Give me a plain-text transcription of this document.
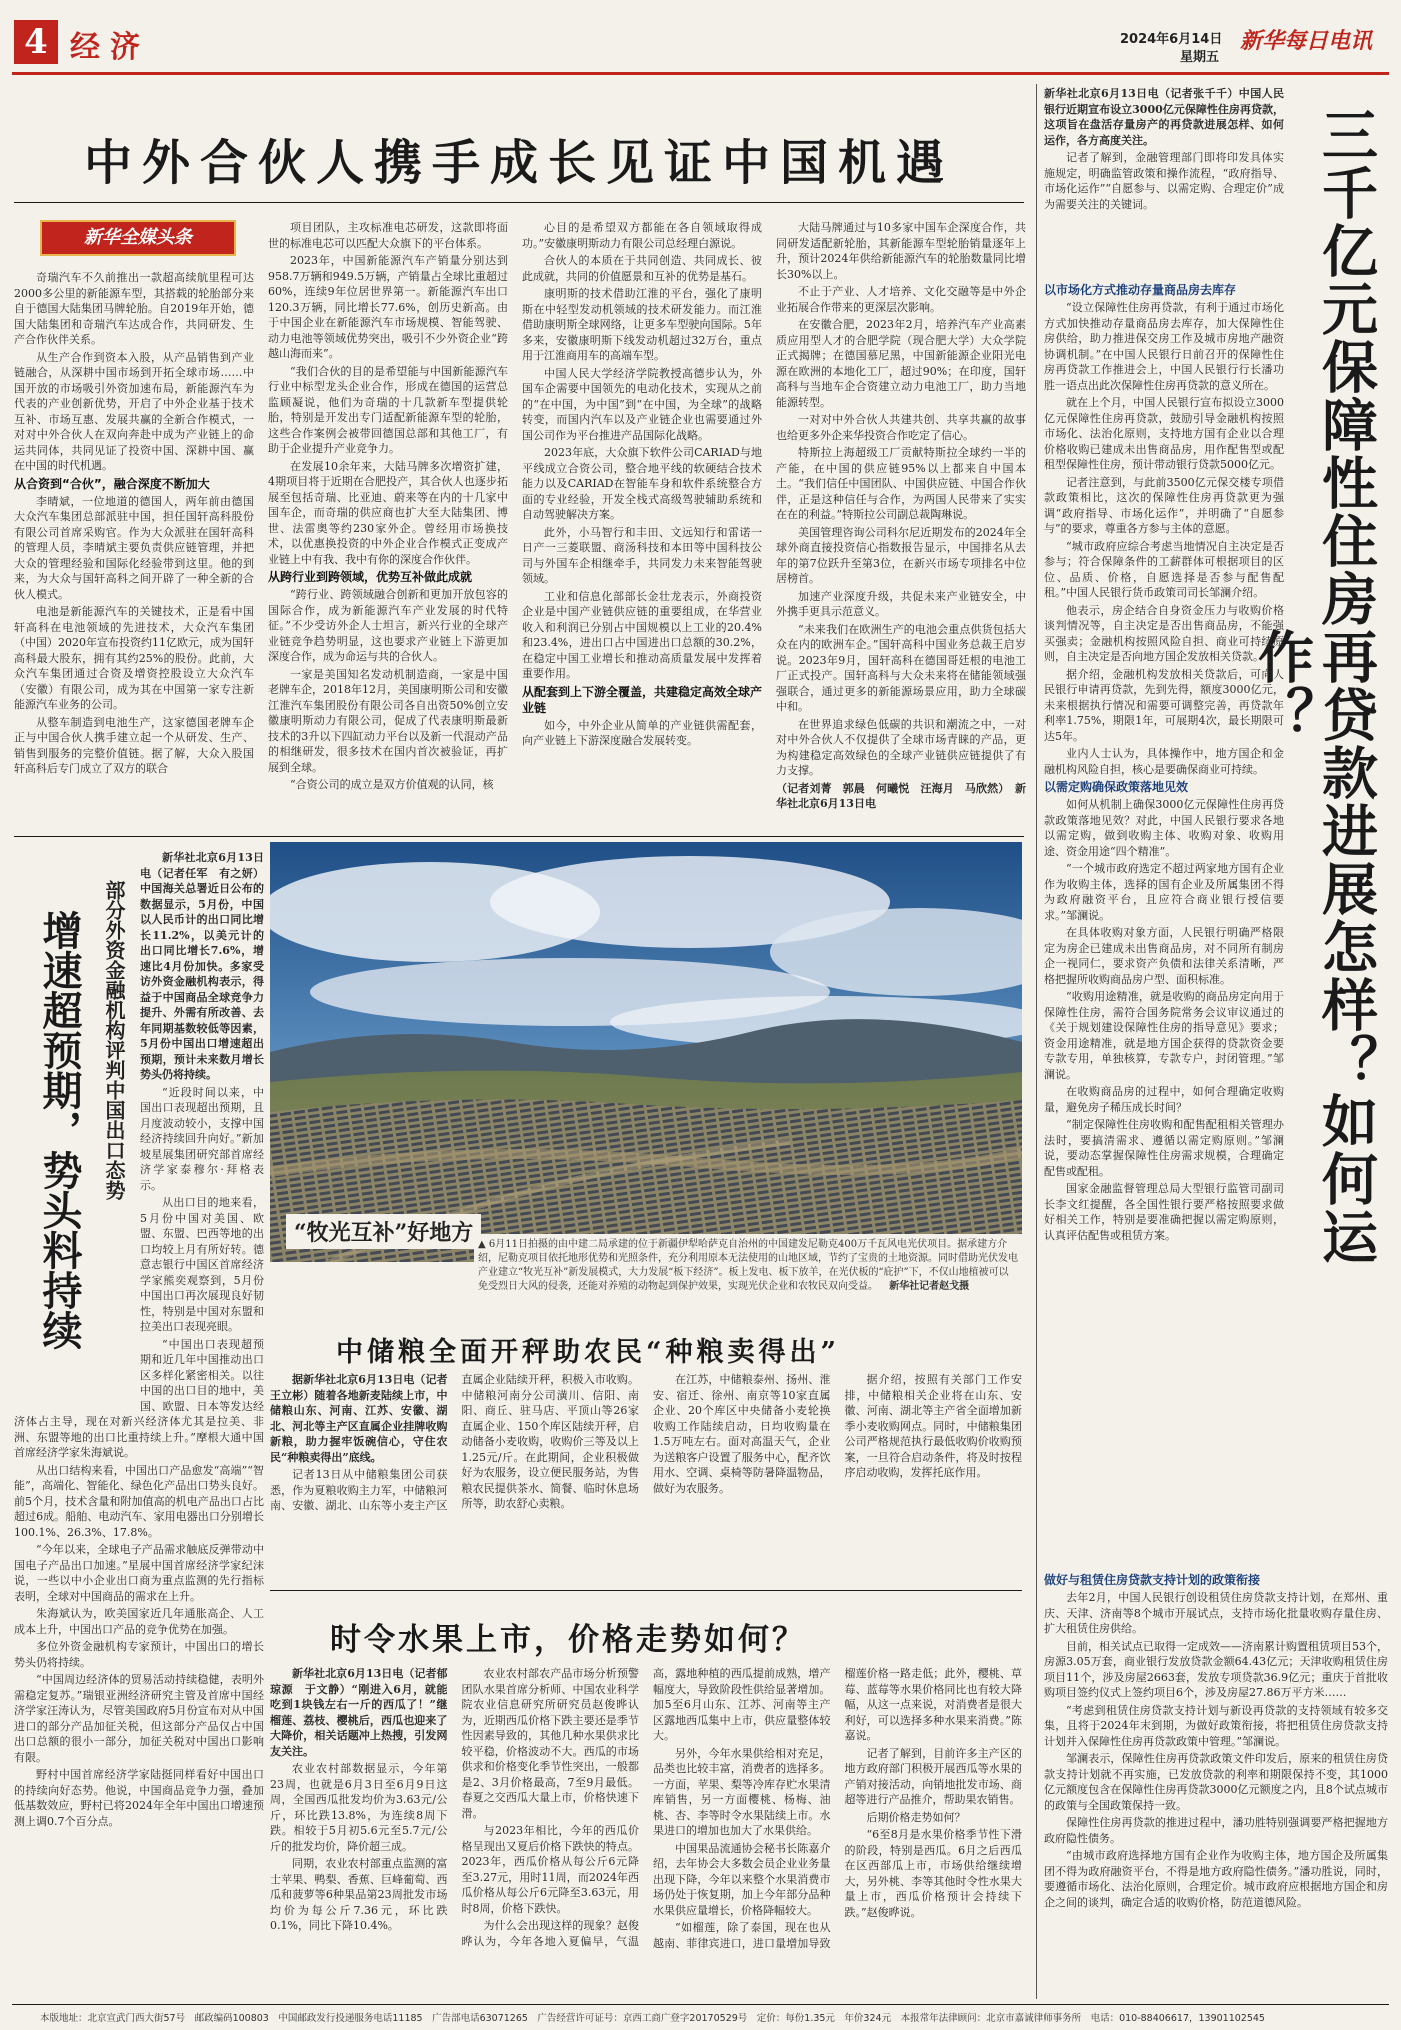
4 经济	2024年6月14日
星期五
新华每日电讯
中外合伙人携手成长见证中国机遇
新华全媒头条

奇瑞汽车不久前推出一款超高续航里程可达2000多公里的新能源车型，其搭载的轮胎部分来自于德国大陆集团马牌轮胎。自2019年开始，德国大陆集团和奇瑞汽车达成合作，共同研发、生产合作伙伴关系。

从生产合作到资本入股，从产品销售到产业链融合，从深耕中国市场到开拓全球市场……中国开放的市场吸引外资加速布局，新能源汽车为代表的产业创新优势，开启了中外企业基于技术互补、市场互惠、发展共赢的全新合作模式，一对对中外合伙人在双向奔赴中成为产业链上的命运共同体，共同见证了投资中国、深耕中国、赢在中国的时代机遇。

从合资到“合伙”，融合深度不断加大

李晴斌，一位地道的德国人，两年前由德国大众汽车集团总部派驻中国，担任国轩高科股份有限公司首席采购官。作为大众派驻在国轩高科的管理人员，李晴斌主要负责供应链管理，并把大众的管理经验和国际化经验带到这里。他的到来，为大众与国轩高科之间开辟了一种全新的合伙人模式。

电池是新能源汽车的关键技术，正是看中国轩高科在电池领域的先进技术，大众汽车集团（中国）2020年宣布投资约11亿欧元，成为国轩高科最大股东，拥有其约25%的股份。此前，大众汽车集团通过合资及增资控股设立大众汽车（安徽）有限公司，成为其在中国第一家专注新能源汽车业务的公司。

从整车制造到电池生产，这家德国老牌车企正与中国合伙人携手建立起一个从研发、生产、销售到服务的完整价值链。据了解，大众入股国轩高科后专门成立了双方的联合

项目团队，主攻标准电芯研发，这款即将面世的标准电芯可以匹配大众旗下的平台体系。

2023年，中国新能源汽车产销量分别达到958.7万辆和949.5万辆，产销量占全球比重超过60%，连续9年位居世界第一。新能源汽车出口120.3万辆，同比增长77.6%，创历史新高。由于中国企业在新能源汽车市场规模、智能驾驶、动力电池等领域优势突出，吸引不少外资企业“跨越山海而来”。

“我们合伙的目的是希望能与中国新能源汽车行业中标型龙头企业合作，形成在德国的运营总监顾凝说，他们为奇瑞的十几款新车型提供轮胎，特别是开发出专门适配新能源车型的轮胎，这些合作案例会被带回德国总部和其他工厂，有助于企业提升产业竞争力。

在发展10余年来，大陆马牌多次增资扩建，4期项目将于近期在合肥投产，其合伙人也逐步拓展至包括奇瑞、比亚迪、蔚来等在内的十几家中国车企，而奇瑞的供应商也扩大至大陆集团、博世、法雷奥等约230家外企。曾经用市场换技术，以优惠换投资的中外企业合作模式正变成产业链上中有我、我中有你的深度合作伙伴。

从跨行业到跨领域，优势互补做此成就

“跨行业、跨领域融合创新和更加开放包容的国际合作，成为新能源汽车产业发展的时代特征。”不少受访外企人士坦言，新兴行业的全球产业链竞争趋势明显，这也要求产业链上下游更加深度合作，成为命运与共的合伙人。

一家是美国知名发动机制造商，一家是中国老牌车企，2018年12月，美国康明斯公司和安徽江淮汽车集团股份有限公司各自出资50%创立安徽康明斯动力有限公司，促成了代表康明斯最新技术的3升以下四缸动力平台以及新一代混动产品的相继研发，很多技术在国内首次被验证，再扩展到全球。

“合资公司的成立是双方价值观的认同，核

心目的是希望双方都能在各自领域取得成功。”安徽康明斯动力有限公司总经理白源说。

合伙人的本质在于共同创造、共同成长、彼此成就，共同的价值愿景和互补的优势是基石。

康明斯的技术借助江淮的平台，强化了康明斯在中轻型发动机领域的技术研发能力。而江淮借助康明斯全球网络，让更多车型驶向国际。5年多来，安徽康明斯下线发动机超过32万台，重点用于江淮商用车的高端车型。

中国人民大学经济学院教授高德步认为，外国车企需要中国领先的电动化技术，实现从之前的“在中国，为中国”到“在中国，为全球”的战略转变，而国内汽车以及产业链企业也需要通过外国公司作为平台推进产品国际化战略。

2023年底，大众旗下软件公司CARIAD与地平线成立合资公司，整合地平线的软硬结合技术能力以及CARIAD在智能车身和软件系统整合方面的专业经验，开发全栈式高级驾驶辅助系统和自动驾驶解决方案。

此外，小马智行和丰田、文远知行和雷诺一日产一三菱联盟、商汤科技和本田等中国科技公司与外国车企相继牵手，共同发力未来智能驾驶领域。

工业和信息化部部长金壮龙表示，外商投资企业是中国产业链供应链的重要组成，在华营业收入和利润已分别占中国规模以上工业的20.4%和23.4%，进出口占中国进出口总额的30.2%，在稳定中国工业增长和推动高质量发展中发挥着重要作用。

从配套到上下游全覆盖，共建稳定高效全球产业链

如今，中外企业从简单的产业链供需配套，向产业链上下游深度融合发展转变。

大陆马牌通过与10多家中国车企深度合作，共同研发适配新轮胎，其新能源车型轮胎销量逐年上升，预计2024年供给新能源汽车的轮胎数量同比增长30%以上。

不止于产业、人才培养、文化交融等是中外企业拓展合作带来的更深层次影响。

在安徽合肥，2023年2月，培养汽车产业高素质应用型人才的合肥学院（现合肥大学）大众学院正式揭牌；在德国慕尼黑，中国新能源企业阳光电源在欧洲的本地化工厂，超过90%；在印度，国轩高科与当地车企合资建立动力电池工厂，助力当地能源转型。

一对对中外合伙人共建共创、共享共赢的故事也给更多外企来华投资合作吃定了信心。

特斯拉上海超级工厂贡献特斯拉全球约一半的产能，在中国的供应链95%以上都来自中国本土。“我们信任中国团队、中国供应链、中国合作伙伴，正是这种信任与合作，为两国人民带来了实实在在的利益。”特斯拉公司副总裁陶琳说。

美国管理咨询公司科尔尼近期发布的2024年全球外商直接投资信心指数报告显示，中国排名从去年的第7位跃升至第3位，在新兴市场专项排名中位居榜首。

加速产业深度升级，共促未来产业链安全，中外携手更具示范意义。

“未来我们在欧洲生产的电池会重点供货包括大众在内的欧洲车企。”国轩高科中国业务总裁王启岁说。2023年9月，国轩高科在德国哥廷根的电池工厂正式投产。国轩高科与大众未来将在储能领域强强联合，通过更多的新能源场景应用，助力全球碳中和。

在世界追求绿色低碳的共识和潮流之中，一对对中外合伙人不仅提供了全球市场青睐的产品，更为构建稳定高效绿色的全球产业链供应链提供了有力支撑。

（记者刘菁　郭晨　何曦悦　汪海月　马欣然）　新华社北京6月13日电

新华社北京6月13日电（记者张千千）中国人民银行近期宣布设立3000亿元保障性住房再贷款，这项旨在盘活存量房产的再贷款进展怎样、如何运作，各方高度关注。

记者了解到，金融管理部门即将印发具体实施规定，明确监管政策和操作流程，“政府指导、市场化运作”“自愿参与、以需定购、合理定价”成为需要关注的关键词。	三千亿元保障性住房再贷款进展怎样？如何运作？

以市场化方式推动存量商品房去库存

“设立保障性住房再贷款，有利于通过市场化方式加快推动存量商品房去库存，加大保障性住房供给，助力推进保交房工作及城市房地产融资协调机制。”在中国人民银行日前召开的保障性住房再贷款工作推进会上，中国人民银行行长潘功胜一语点出此次保障性住房再贷款的意义所在。

就在上个月，中国人民银行宣布拟设立3000亿元保障性住房再贷款，鼓励引导金融机构按照市场化、法治化原则，支持地方国有企业以合理价格收购已建成未出售商品房，用作配售型或配租型保障性住房，预计带动银行贷款5000亿元。

记者注意到，与此前3500亿元保交楼专项借款政策相比，这次的保障性住房再贷款更为强调“政府指导、市场化运作”，并明确了“自愿参与”的要求，尊重各方参与主体的意愿。

“城市政府应综合考虑当地情况自主决定是否参与；符合保障条件的工薪群体可根据项目的区位、品质、价格，自愿选择是否参与配售配租。”中国人民银行货币政策司司长邹澜介绍。

他表示，房企结合自身资金压力与收购价格谈判情况等，自主决定是否出售商品房，不能强买强卖；金融机构按照风险自担、商业可持续原则，自主决定是否向地方国企发放相关贷款。

据介绍，金融机构发放相关贷款后，可向人民银行申请再贷款，先到先得，额度3000亿元，未来根据执行情况和需要可调整完善，再贷款年利率1.75%，期限1年，可展期4次，最长期限可达5年。

业内人士认为，具体操作中，地方国企和金融机构风险自担，核心是要确保商业可持续。

以需定购确保政策落地见效

如何从机制上确保3000亿元保障性住房再贷款政策落地见效？对此，中国人民银行要求各地以需定购，做到收购主体、收购对象、收购用途、资金用途“四个精准”。

“一个城市政府选定不超过两家地方国有企业作为收购主体，选择的国有企业及所属集团不得为政府融资平台，且应符合商业银行授信要求。”邹澜说。

在具体收购对象方面，人民银行明确严格限定为房企已建成未出售商品房，对不同所有制房企一视同仁，要求资产负债和法律关系清晰，严格把握所收购商品房户型、面积标准。

“收购用途精准，就是收购的商品房定向用于保障性住房，需符合国务院常务会议审议通过的《关于规划建设保障性住房的指导意见》要求；资金用途精准，就是地方国企获得的贷款资金要专款专用，单独核算，专款专户，封闭管理。”邹澜说。

在收购商品房的过程中，如何合理确定收购量，避免房子稀压成长时间？

“制定保障性住房收购和配售配租相关管理办法时，要搞清需求、遵循以需定购原则。”邹澜说，要动态掌握保障性住房需求规模，合理确定配售或配租。

国家金融监督管理总局大型银行监管司副司长李文红提醒，各全国性银行要严格按照要求做好相关工作，特别是要准确把握以需定购原则，认真评估配售或租赁方案。

做好与租赁住房贷款支持计划的政策衔接

去年2月，中国人民银行创设租赁住房贷款支持计划，在郑州、重庆、天津、济南等8个城市开展试点，支持市场化批量收购存量住房、扩大租赁住房供给。

目前，相关试点已取得一定成效——济南累计购置租赁项目53个，房源3.05万套，商业银行发放贷款金额64.43亿元；天津收购租赁住房项目11个，涉及房屋2663套，发放专项贷款36.9亿元；重庆于首批收购项目签约仪式上签约项目6个，涉及房屋27.86万平方米……

“考虑到租赁住房贷款支持计划与新设再贷款的支持领域有较多交集，且将于2024年末到期，为做好政策衔接，将把租赁住房贷款支持计划并入保障性住房再贷款政策中管理。”邹澜说。

邹澜表示，保障性住房再贷款政策文件印发后，原来的租赁住房贷款支持计划就不再实施，已发放贷款的利率和期限保持不变，其1000亿元额度包含在保障性住房再贷款3000亿元额度之内，且8个试点城市的政策与全国政策保持一致。

保障性住房再贷款的推进过程中，潘功胜特别强调要严格把握地方政府隐性债务。

“由城市政府选择地方国有企业作为收购主体，地方国企及所属集团不得为政府融资平台，不得是地方政府隐性债务。”潘功胜说，同时，要遵循市场化、法治化原则，合理定价。城市政府应根据地方国企和房企之间的谈判，确定合适的收购价格，防范道德风险。

增速超预期，势头料持续 部分外资金融机构评判中国出口态势

新华社北京6月13日电（记者任军　有之妍）中国海关总署近日公布的数据显示，5月份，中国以人民币计的出口同比增长11.2%，以美元计的出口同比增长7.6%，增速比4月份加快。多家受访外资金融机构表示，得益于中国商品全球竞争力提升、外需有所改善、去年同期基数较低等因素，5月份中国出口增速超出预期，预计未来数月增长势头仍将持续。

“近段时间以来，中国出口表现超出预期，且月度波动较小，支撑中国经济持续回升向好。”新加坡星展集团研究部首席经济学家泰穆尔·拜格表示。

从出口目的地来看，5月份中国对美国、欧盟、东盟、巴西等地的出口均较上月有所好转。德意志银行中国区首席经济学家熊奕观察到，5月份中国出口再次展现良好韧性，特别是中国对东盟和拉美出口表现亮眼。

“中国出口表现超预期和近几年中国推动出口区多样化紧密相关。以往中国的出口目的地中，美国、欧盟、日本等发达经济体占主导，现在对新兴经济体尤其是拉美、非洲、东盟等地的出口比重持续上升。”摩根大通中国首席经济学家朱海斌说。

从出口结构来看，中国出口产品愈发“高端”“智能”，高端化、智能化、绿色化产品出口势头良好。前5个月，技术含量和附加值高的机电产品出口占比超过6成。船舶、电动汽车、家用电器出口分别增长100.1%、26.3%、17.8%。

“今年以来，全球电子产品需求触底反弹带动中国电子产品出口加速。”星展中国首席经济学家纪沫说，一些以中小企业出口商为重点监测的先行指标表明，全球对中国商品的需求在上升。

朱海斌认为，欧美国家近几年通胀高企、人工成本上升，中国出口产品的竞争优势在加强。

多位外资金融机构专家预计，中国出口的增长势头仍将持续。

“中国周边经济体的贸易活动持续稳健，表明外需稳定复苏。”瑞银亚洲经济研究主管及首席中国经济学家汪涛认为，尽管美国政府5月份宣布对从中国进口的部分产品加征关税，但这部分产品仅占中国出口总额的很小一部分，加征关税对中国出口影响有限。

野村中国首席经济学家陆挺同样看好中国出口的持续向好态势。他说，中国商品竞争力强，叠加低基数效应，野村已将2024年全年中国出口增速预测上调0.7个百分点。

“牧光互补”好地方 ▲ 6月11日拍摄的由中建二局承建的位于新疆伊犁哈萨克自治州的中国建发尼勒克400万千瓦风电光伏项目。据承建方介绍，尼勒克项目依托地形优势和光照条件，充分利用原本无法使用的山地区域，节约了宝贵的土地资源。同时借助光伏发电产业建立“牧光互补”新发展模式，大力发展“板下经济”。板上发电、板下放羊，在光伏板的“庇护”下，不仅山地植被可以免受烈日大风的侵袭，还能对养殖的动物起到保护效果，实现光伏企业和农牧民双向受益。 新华社记者赵戈摄
中储粮全面开秤助农民“种粮卖得出”

据新华社北京6月13日电（记者王立彬）随着各地新麦陆续上市，中储粮山东、河南、江苏、安徽、湖北、河北等主产区直属企业挂牌收购新粮，助力握牢饭碗信心，守住农民“种粮卖得出”底线。

记者13日从中储粮集团公司获悉，作为夏粮收购主力军，中储粮河南、安徽、湖北、山东等小麦主产区直属企业陆续开秤，积极入市收购。中储粮河南分公司潢川、信阳、南阳、商丘、驻马店、平顶山等26家直属企业、150个库区陆续开秤，启动储备小麦收购，收购价三等及以上1.25元/斤。在此期间，企业积极做好为农服务，设立便民服务站，为售粮农民提供茶水、简餐、临时休息场所等，助农舒心卖粮。

在江苏，中储粮泰州、扬州、淮安、宿迁、徐州、南京等10家直属企业、20个库区中央储备小麦轮换收购工作陆续启动，日均收购量在1.5万吨左右。面对高温天气，企业为送粮客户设置了服务中心，配齐饮用水、空调、桌椅等防暑降温物品，做好为农服务。

据介绍，按照有关部门工作安排，中储粮相关企业将在山东、安徽、河南、湖北等主产省全面增加新季小麦收购网点。同时，中储粮集团公司严格规范执行最低收购价收购预案，一旦符合启动条件，将及时按程序启动收购，发挥托底作用。

时令水果上市，价格走势如何？

新华社北京6月13日电（记者郁琼源　于文静）“刚进入6月，就能吃到1块钱左右一斤的西瓜了！”继榴莲、荔枝、樱桃后，西瓜也迎来了大降价，相关话题冲上热搜，引发网友关注。

农业农村部数据显示，今年第23周，也就是6月3日至6月9日这周，全国西瓜批发均价为3.63元/公斤，环比跌13.8%，为连续8周下跌。相较于5月初5.6元至5.7元/公斤的批发均价，降价超三成。

同期，农业农村部重点监测的富士苹果、鸭梨、香蕉、巨峰葡萄、西瓜和菠萝等6种果品第23周批发市场均价为每公斤7.36元，环比跌0.1%，同比下降10.4%。

农业农村部农产品市场分析预警团队水果首席分析师、中国农业科学院农业信息研究所研究员赵俊晔认为，近期西瓜价格下跌主要还是季节性因素导致的，其他几种水果供求比较平稳，价格波动不大。西瓜的市场供求和价格变化季节性突出，一般都是2、3月价格最高，7至9月最低。春夏之交西瓜大量上市，价格快速下滑。

与2023年相比，今年的西瓜价格呈现出又夏后价格下跌快的特点。2023年，西瓜价格从每公斤6元降至3.27元，用时11周，而2024年西瓜价格从每公斤6元降至3.63元，用时8周，价格下跌快。

为什么会出现这样的现象？赵俊晔认为，今年各地入夏偏早，气温高，露地种植的西瓜提前成熟，增产幅度大，导致阶段性供给显著增加。加5至6月山东、江苏、河南等主产区露地西瓜集中上市，供应量整体较大。

另外，今年水果供给相对充足，品类也比较丰富，消费者的选择多。一方面，苹果、梨等冷库存贮水果清库销售，另一方面樱桃、杨梅、油桃、杏、李等时令水果陆续上市。水果进口的增加也加大了水果供给。

中国果品流通协会秘书长陈嘉介绍，去年协会大多数会员企业业务量出现下降，今年以来整个水果消费市场仍处于恢复期，加上今年部分品种水果供应量增长，价格降幅较大。

“如榴莲，除了泰国，现在也从越南、菲律宾进口，进口量增加导致榴莲价格一路走低；此外，樱桃、草莓、蓝莓等水果价格同比也有较大降幅，从这一点来说，对消费者是很大利好，可以选择多种水果来消费。”陈嘉说。

记者了解到，目前许多主产区的地方政府部门积极开展西瓜等水果的产销对接活动，向销地批发市场、商超等进行产品推介，帮助果农销售。

后期价格走势如何？

“6至8月是水果价格季节性下滑的阶段，特别是西瓜。6月之后西瓜在区西部瓜上市，市场供给继续增大，另外桃、李等其他时令性水果大量上市，西瓜价格预计会持续下跌。”赵俊晔说。

本版地址：北京宣武门西大街57号　邮政编码100803　中国邮政发行投递服务电话11185　广告部电话63071265　广告经营许可证号：京西工商广登字20170529号　定价：每份1.35元　年价324元　本报常年法律顾问：北京市嘉诚律师事务所　电话：010-88406617，13901102545
